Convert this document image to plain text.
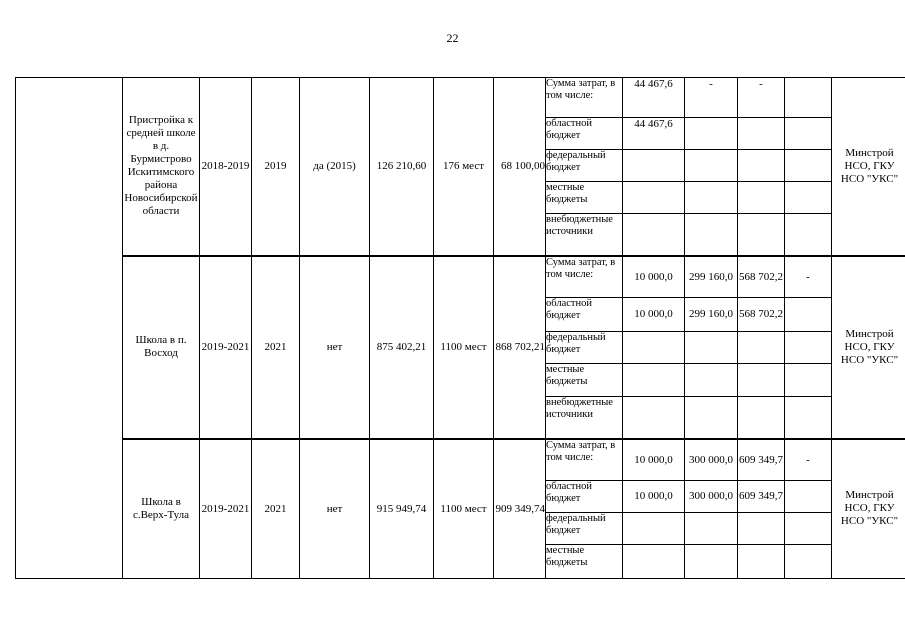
22
	Пристройка к средней школе в д. Бурмистрово Искитимского района Новосибирской области	2018-2019	2019	да (2015)	126 210,60	176 мест	68 100,00	Сумма затрат, в том числе:	44 467,6	-	-		Минстрой НСО, ГКУ НСО "УКС"
								областной бюджет	44 467,6				
								федеральный бюджет					
								местные бюджеты					
								внебюджетные источники					
	Школа в п. Восход	2019-2021	2021	нет	875 402,21	1100 мест	868 702,21	Сумма затрат, в том числе:	10 000,0	299 160,0	568 702,2	-	Минстрой НСО, ГКУ НСО "УКС"
								областной бюджет	10 000,0	299 160,0	568 702,2		
								федеральный бюджет					
								местные бюджеты					
								внебюджетные источники					
	Школа в с.Верх-Тула	2019-2021	2021	нет	915 949,74	1100 мест	909 349,74	Сумма затрат, в том числе:	10 000,0	300 000,0	609 349,7	-	Минстрой НСО, ГКУ НСО "УКС"
								областной бюджет	10 000,0	300 000,0	609 349,7		
								федеральный бюджет					
								местные бюджеты					
